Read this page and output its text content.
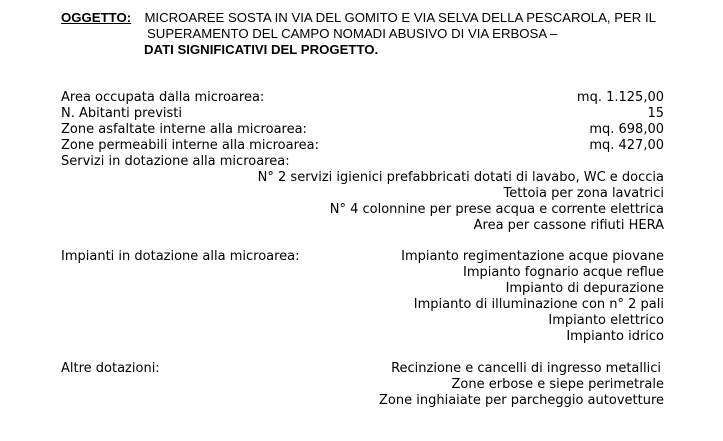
OGGETTO: MICROAREE SOSTA IN VIA DEL GOMITO E VIA SELVA DELLA PESCAROLA, PER IL
SUPERAMENTO DEL CAMPO NOMADI ABUSIVO DI VIA ERBOSA –
DATI SIGNIFICATIVI DEL PROGETTO.
Area occupata dalla microarea:	mq. 1.125,00
N. Abitanti previsti	15
Zone asfaltate interne alla microarea:	mq. 698,00
Zone permeabili interne alla microarea:	mq. 427,00
Servizi in dotazione alla microarea:
N° 2 servizi igienici prefabbricati dotati di lavabo, WC e doccia
Tettoia per zona lavatrici
N° 4 colonnine per prese acqua e corrente elettrica
Area per cassone rifiuti HERA
Impianti in dotazione alla microarea:	Impianto regimentazione acque piovane
Impianto fognario acque reflue
Impianto di depurazione
Impianto di illuminazione con n° 2 pali
Impianto elettrico
Impianto idrico
Altre dotazioni:	Recinzione e cancelli di ingresso metallici
Zone erbose e siepe perimetrale
Zone inghiaiate per parcheggio autovetture
